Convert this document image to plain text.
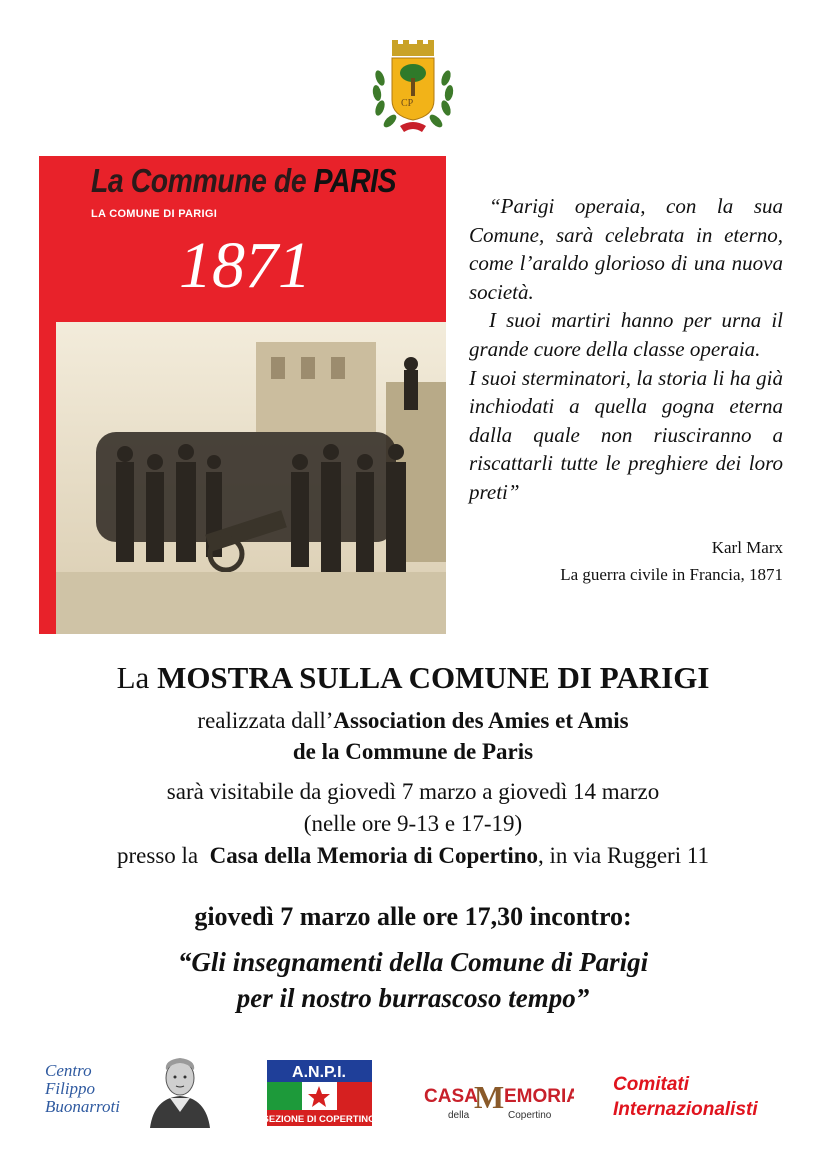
CP
La Commune de PARIS
LA COMUNE DI PARIGI
1871

“Parigi operaia, con la sua Comune, sarà celebrata in eterno, come l’araldo glorioso di una nuova società.

I suoi martiri hanno per urna il grande cuore della classe operaia.

I suoi sterminatori, la storia li ha già inchiodati a quella gogna eterna dalla quale non riusciranno a riscattarli tutte le preghiere dei loro preti”

Karl Marx
La guerra civile in Francia, 1871
La MOSTRA SULLA COMUNE DI PARIGI
realizzata dall’Association des Amies et Amis
de la Commune de Paris
sarà visitabile da giovedì 7 marzo a giovedì 14 marzo
(nelle ore 9-13 e 17-19)
presso la  Casa della Memoria di Copertino, in via Ruggeri 11
giovedì 7 marzo alle ore 17,30 incontro:
“Gli insegnamenti della Comune di Parigi
per il nostro burrascoso tempo”
Centro
Filippo
Buonarroti
A.N.P.I.
SEZIONE DI COPERTINO
CASA
M EMORIA
della	Copertino
Comitati
Internazionalisti
